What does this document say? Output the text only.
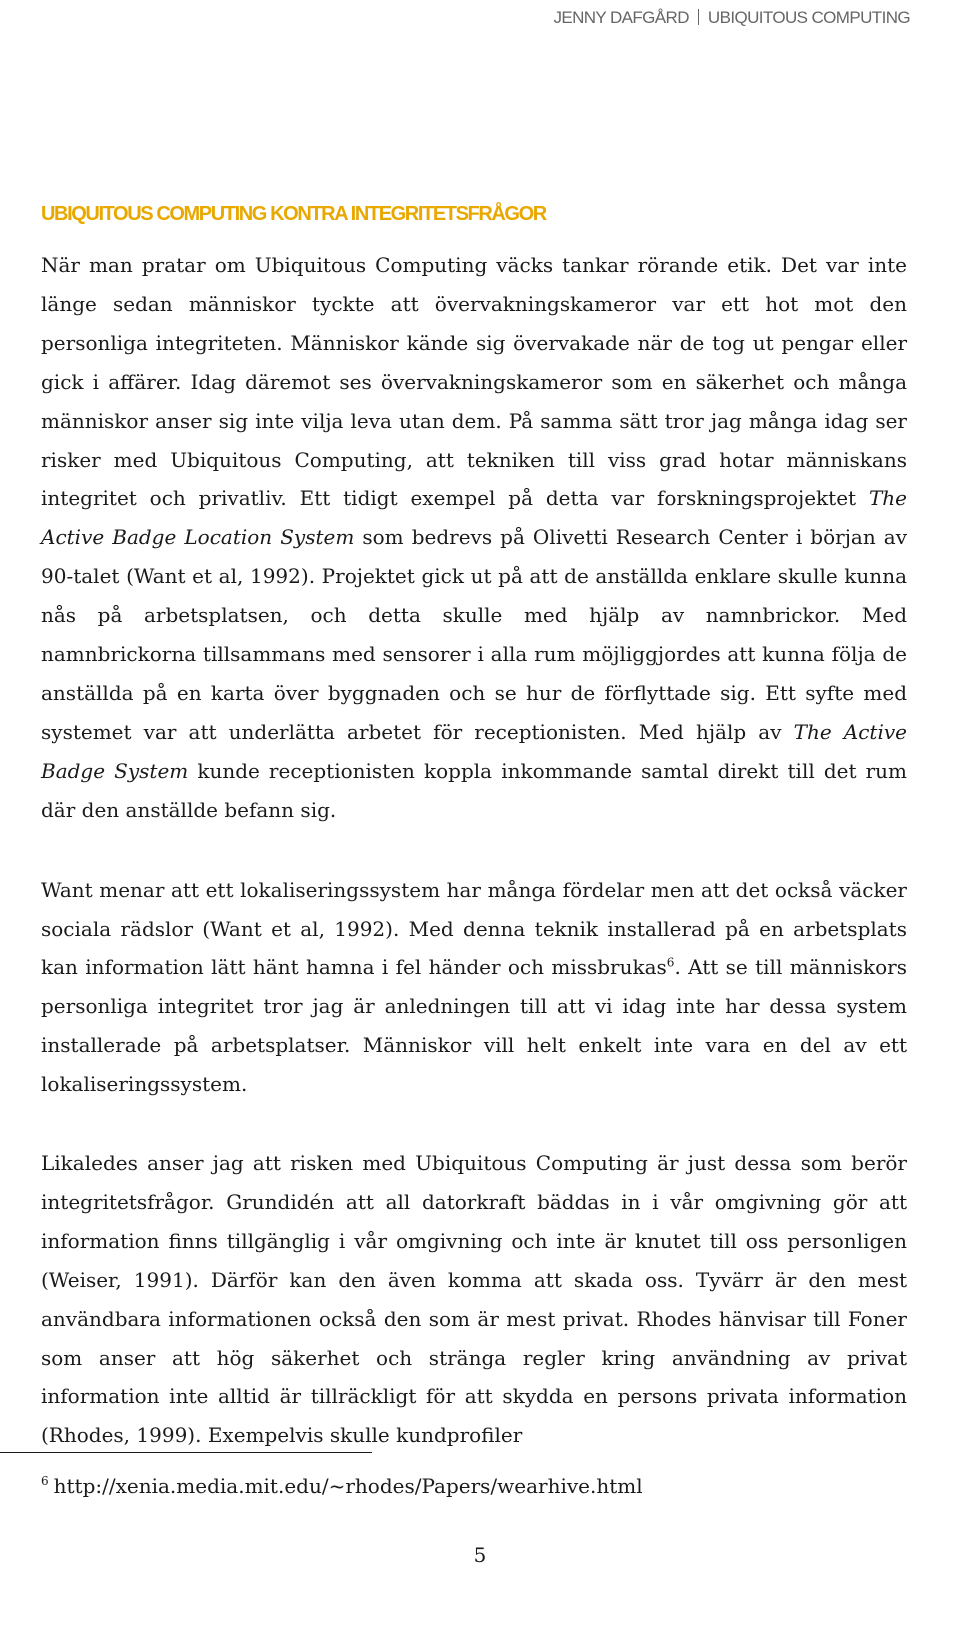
JENNY DAFGÅRD UBIQUITOUS COMPUTING
UBIQUITOUS COMPUTING KONTRA INTEGRITETSFRÅGOR

När man pratar om Ubiquitous Computing väcks tankar rörande etik. Det var inte länge sedan människor tyckte att övervakningskameror var ett hot mot den personliga integriteten. Människor kände sig övervakade när de tog ut pengar eller gick i affärer. Idag däremot ses övervakningskameror som en säkerhet och många människor anser sig inte vilja leva utan dem. På samma sätt tror jag många idag ser risker med Ubiquitous Computing, att tekniken till viss grad hotar människans integritet och privatliv. Ett tidigt exempel på detta var forskningsprojektet The Active Badge Location System som bedrevs på Olivetti Research Center i början av 90-talet (Want et al, 1992). Projektet gick ut på att de anställda enklare skulle kunna nås på arbetsplatsen, och detta skulle med hjälp av namnbrickor. Med namnbrickorna tillsammans med sensorer i alla rum möjliggjordes att kunna följa de anställda på en karta över byggnaden och se hur de förflyttade sig. Ett syfte med systemet var att underlätta arbetet för receptionisten. Med hjälp av The Active Badge System kunde receptionisten koppla inkommande samtal direkt till det rum där den anställde befann sig.

Want menar att ett lokaliseringssystem har många fördelar men att det också väcker sociala rädslor (Want et al, 1992). Med denna teknik installerad på en arbetsplats kan information lätt hänt hamna i fel händer och missbrukas$^6$. Att se till människors personliga integritet tror jag är anledningen till att vi idag inte har dessa system installerade på arbetsplatser. Människor vill helt enkelt inte vara en del av ett lokaliseringssystem.

Likaledes anser jag att risken med Ubiquitous Computing är just dessa som berör integritetsfrågor. Grundidén att all datorkraft bäddas in i vår omgivning gör att information finns tillgänglig i vår omgivning och inte är knutet till oss personligen (Weiser, 1991). Därför kan den även komma att skada oss. Tyvärr är den mest användbara informationen också den som är mest privat. Rhodes hänvisar till Foner som anser att hög säkerhet och stränga regler kring användning av privat information inte alltid är tillräckligt för att skydda en persons privata information (Rhodes, 1999). Exempelvis skulle kundprofiler

$^6$ http://xenia.media.mit.edu/~rhodes/Papers/wearhive.html
5
